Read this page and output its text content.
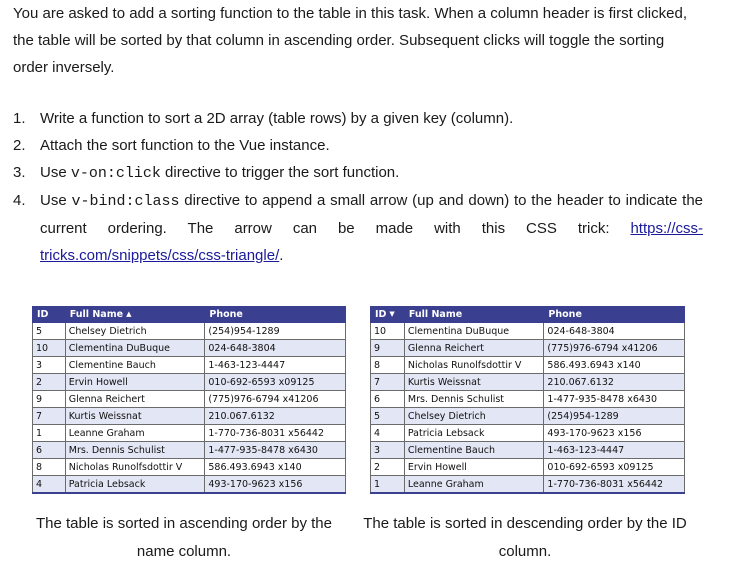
You are asked to add a sorting function to the table in this task. When a column header is first clicked, the table will be sorted by that column in ascending order. Subsequent clicks will toggle the sorting order inversely.

1. Write a function to sort a 2D array (table rows) by a given key (column).
2. Attach the sort function to the Vue instance.
3. Use v-on:click directive to trigger the sort function.
4. Use v-bind:class directive to append a small arrow (up and down) to the header to indicate the current ordering. The arrow can be made with this CSS trick: https://css-tricks.com/snippets/css/css-triangle/.
ID	Full Name ▲	Phone
5	Chelsey Dietrich	(254)954-1289
10	Clementina DuBuque	024-648-3804
3	Clementine Bauch	1-463-123-4447
2	Ervin Howell	010-692-6593 x09125
9	Glenna Reichert	(775)976-6794 x41206
7	Kurtis Weissnat	210.067.6132
1	Leanne Graham	1-770-736-8031 x56442
6	Mrs. Dennis Schulist	1-477-935-8478 x6430
8	Nicholas Runolfsdottir V	586.493.6943 x140
4	Patricia Lebsack	493-170-9623 x156
ID ▼	Full Name	Phone
10	Clementina DuBuque	024-648-3804
9	Glenna Reichert	(775)976-6794 x41206
8	Nicholas Runolfsdottir V	586.493.6943 x140
7	Kurtis Weissnat	210.067.6132
6	Mrs. Dennis Schulist	1-477-935-8478 x6430
5	Chelsey Dietrich	(254)954-1289
4	Patricia Lebsack	493-170-9623 x156
3	Clementine Bauch	1-463-123-4447
2	Ervin Howell	010-692-6593 x09125
1	Leanne Graham	1-770-736-8031 x56442

The table is sorted in ascending order by the name column.

The table is sorted in descending order by the ID column.
